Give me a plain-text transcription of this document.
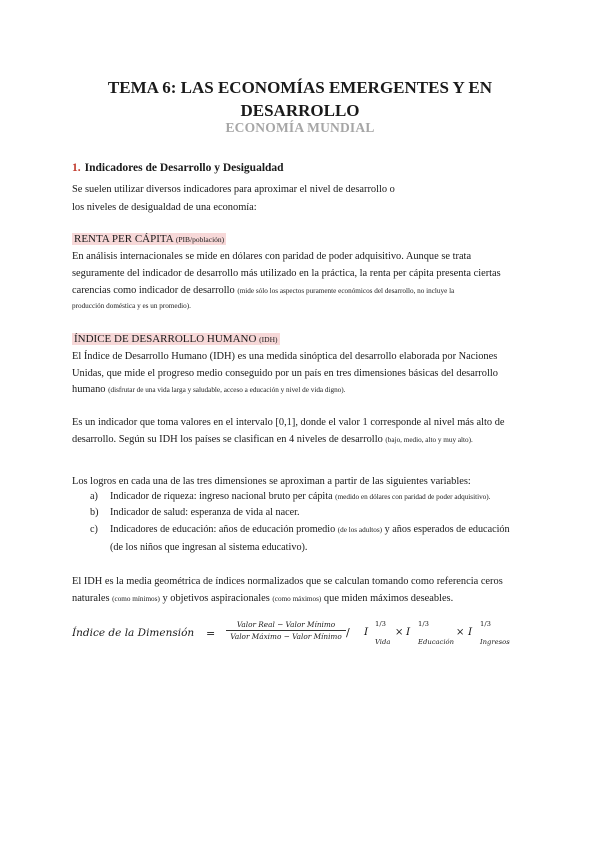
TEMA 6: LAS ECONOMÍAS EMERGENTES Y EN
DESARROLLO
ECONOMÍA MUNDIAL
1. Indicadores de Desarrollo y Desigualdad
Se suelen utilizar diversos indicadores para aproximar el nivel de desarrollo o
los niveles de desigualdad de una economía:
RENTA PER CÁPITA (PIB/población)
En análisis internacionales se mide en dólares con paridad de poder adquisitivo. Aunque se trata
seguramente del indicador de desarrollo más utilizado en la práctica, la renta per cápita presenta ciertas
carencias como indicador de desarrollo (mide sólo los aspectos puramente económicos del desarrollo, no incluye la
producción doméstica y es un promedio).
ÍNDICE DE DESARROLLO HUMANO (IDH)
El Índice de Desarrollo Humano (IDH) es una medida sinóptica del desarrollo elaborada por Naciones
Unidas, que mide el progreso medio conseguido por un país en tres dimensiones básicas del desarrollo
humano (disfrutar de una vida larga y saludable, acceso a educación y nivel de vida digno).
Es un indicador que toma valores en el intervalo [0,1], donde el valor 1 corresponde al nivel más alto de
desarrollo. Según su IDH los países se clasifican en 4 niveles de desarrollo (bajo, medio, alto y muy alto).
Los logros en cada una de las tres dimensiones se aproximan a partir de las siguientes variables:
a) Indicador de riqueza: ingreso nacional bruto per cápita (medido en dólares con paridad de poder adquisitivo).
b) Indicador de salud: esperanza de vida al nacer.
c) Indicadores de educación: años de educación promedio (de los adultos) y años esperados de educación
(de los niños que ingresan al sistema educativo).
El IDH es la media geométrica de índices normalizados que se calculan tomando como referencia ceros
naturales (como mínimos) y objetivos aspiracionales (como máximos) que miden máximos deseables.
Índice de la Dimensión =
Valor Real − Valor Mínimo
Valor Máximo − Valor Mínimo / I
1/3
Vida
× I
1/3
Educación
× I
1/3
Ingresos
